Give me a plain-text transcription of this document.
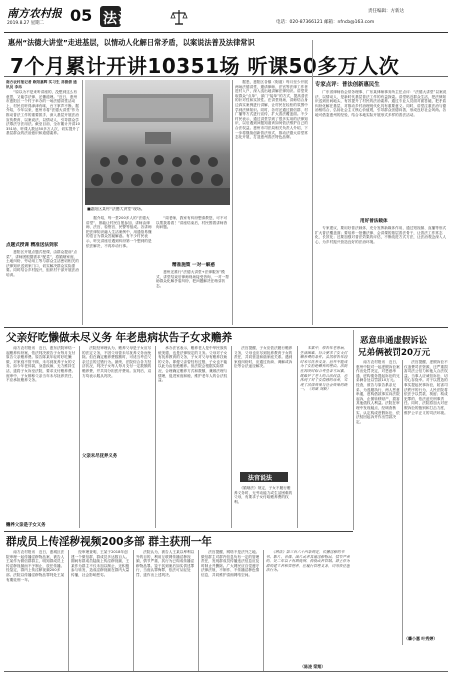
南方农村报
2019.8.27 星期二 05 法治周刊	责任编辑：方新达
电话：020-87366121 邮箱：nfncb@163.com
惠州“法德大讲堂”走进基层，以情动人化解日常矛盾，以案说法普及法律常识
7个月累计开讲10351场 听课50多万人次
南方农村报记者 欧阳嘉辉 实习生 邓倩倩 通讯员 李冉
　　“原以为不是来听讲座的，没想到这么有意思，又能学法律、还懂道理。”近日，惠州市惠阳区一个村子举办的一场法德讲堂活动上，村民们听得津津有味，台下掌声不断。据介绍，今年以来，惠州市将“法德大讲堂”作为推动普法工作的重要抓手，深入基层开展法治宣传教育，以案说法，以情动人，引导群众学法尊法守法用法。截至目前，全市累计开讲10351场，听课人数达50多万人次，切实提升了基层群众的法治意识和道德素养。
点题式授课 精准送法到家
　　惠阳区开展点题式授课，由群众提前“点菜”，讲师团根据需求“配菜”，将婚姻家庭、土地纠纷、劳动用工等与群众生活密切相关的法律知识送到家门口，切实解决群众实际需要。同时结合乡村振兴，组织村干部开展法治培训。
■惠阳区某村“法德大讲堂”现场。
　　据介绍，每一堂200多人的“法德大讲堂”，都能让村民自愿参加，讲师由律师、法官、检察官、民警等组成。各讲师把法律知识融入生活案例中，用通俗易懂的语言为群众答疑解惑。有不少村民表示，听完讲座后遇到纠纷第一个想到的是依法解决，不再冲动行事。
　　“周老师，我家有纠纷想请教您，可不可以帮我看看！”讲座结束后，村民围着讲师咨询问题。
精准施策 一对一解惑
　　惠州还推行“法德大讲堂+法律服务”模式，讲堂结束后律师现场接受咨询，一对一帮助群众化解矛盾纠纷，把问题解决在萌芽状态。
　　据悉，惠阳区各镇（街道）每月至少开展两场法德讲堂，邀请律师、法官等法律工作者进村入户，深入浅出地讲解法律知识。讲堂采取群众“点单”、部门“接单”的方式，提高普法的针对性和实效性。在讲堂现场，讲师结合身边真实案例进行讲解，让村民在轻松的氛围中学到法律知识。同时，各村还通过微信群、村广播等方式进行宣传，扩大普法覆盖面。不少村民表示，通过讲堂学到了很多实用的法律知识，以后遇到问题知道该如何依法维护自己的合法权益。惠州市司法局相关负责人介绍，下一步将继续创新普法形式，推动法德大讲堂常态化开展，打造惠州普法特色品牌。
专家点评：普法创新惠民生
　　广东省律师协会常务理事、广东某律师事务所主任点评：“法德大讲堂”以案说法、以情动人，是新时代基层普法工作的有益探索。讲堂贴近群众生活，把法律知识送到田间地头，有效提升了村民的法治素养。通过专业人员面对面答疑，把矛盾纠纷化解在基层，对推动乡村治理现代化具有重要意义。同时，讲堂注重法治与德治相结合，弘扬社会主义核心价值观，引导群众崇德向善，形成良好社会风尚。各地可借鉴惠州的经验，结合本地实际开展形式多样的普法活动。
用好普法载体
　　专家建议，要用好普法载体，充分发挥新媒体作用，通过短视频、直播等形式扩大普法覆盖面；要培养一批懂法律、会讲课的基层普法骨干，让普法工作常态化、长效化；还要加强对普法效果的评估，不断改进方式方法，让法治观念深入人心，为乡村振兴营造良好的法治环境。
父亲好吃懒做未尽义务 年老患病状告子女求赡养
　　南方农村报讯　近日，惠东法院审结一起赡养纠纷案，依法判决被告子女每月支付原告父亲赡养费。原告陈某年轻时好吃懒做，对家庭不管不顾，未尽到抚养子女的义务。如今年老体弱，身患疾病，无力维持生活，遂将子女诉至法院，要求支付赡养费。庭审中，子女辩称父亲当年未尽抚养责任，不应承担赡养义务。
赡养父亲是子女义务
　　法院经审理认为，赡养父母是子女应尽的法定义务，不因父母曾未尽抚养义务而免除。但在确定赡养费数额时，可适当考虑父亲过去的过错行为。最终，法院综合各方经济状况，判决子女每人每月支付一定数额的赡养费，并共同分担医疗费用。宣判后，双方均表示服从判决。
父亲未尽抚养义务
　　承办法官表示，赡养老人是中华民族传统美德，也是法律规定的义务。父母对子女有抚养教育的义务，子女对父母有赡养扶助的义务。即便父亲曾经有过错，子女也不能以此为由拒绝赡养。但法院会根据实际情况，合理确定赡养方式和数额，兼顾法理与情理，促进家庭和睦，维护老年人的合法权益。
　　法官提醒，子女应依法履行赡养义务，父母也应尽到抚养教育子女的责任，共同营造和谐家庭关系。遇到家庭纠纷时，应通过协商、调解或诉讼等合法途径解决。
法官说法
　　《婚姻法》规定，子女不履行赡养义务时，无劳动能力或生活困难的父母，有要求子女付给赡养费的权利。
　　本案中，原告年老患病，生活困难，符合要求子女支付赡养费的条件。虽然原告年轻时未尽抚养义务，但并不能成为子女拒绝赡养的理由。法院在判决时综合考量各方因素，既维护了老人的合法权益，也体现了对子女情感的尊重，实现了法律效果与社会效果的统一。（刘斌 刘毅）
恶意串通虚假诉讼
兄弟俩被罚20万元
　　南方农村报讯　近日，惠州中院对一起虚假诉讼案作出处罚决定，对恶意串通、虚构债务提起诉讼的兄弟俩各处以罚款10万元。经查，被告与原告系亲兄弟，为逃避执行，两人恶意串通，虚构借款事实向法院起诉，企图转移财产，损害其他债权人利益。法院在审理中发现疑点，经调查核实，认定构成虚假诉讼，依法驳回起诉并作出罚款决定。
　　法官提醒，虚假诉讼不仅浪费司法资源，还严重损害司法公信力和他人合法权益。当事人应诚信诉讼，切勿心存侥幸。对于以捏造的事实提起民事诉讼，妨害司法秩序的行为，人民法院将依法予以罚款、拘留；构成犯罪的，依法追究刑事责任。同时，法院将加大对虚假诉讼的甄别和打击力度，维护公平正义的司法环境。
（肇小惠 叶秀婷）
群成员上传淫秽视频200多部 群主获刑一年
　　南方农村报讯　近日，惠城区法院审理一起传播淫秽物品案，被告人王某作为微信群群主，明知群成员上传淫秽视频而不予制止，放任传播。经鉴定，群内上传淫秽视频200多部。法院以传播淫秽物品罪判处王某有期徒刑一年。
　　经审理查明，王某于2018年创建一个微信群，群成员多达数百人。期间有群成员陆续上传淫秽视频，王某作为群主不仅未加以制止，还积极参与转发，造成淫秽视频在群内大量传播，社会影响恶劣。
　　法院认为，被告人王某以牟利以外的目的，利用互联网传播淫秽视频，情节严重，其行为已构成传播淫秽物品罪。鉴于其到案后如实供述罪行，当庭认罪悔罪，依法可从轻处罚，遂作出上述判决。
　　法官提醒，网络不是法外之地。微信群主对群内信息负有一定的管理责任，发现群成员传播违法信息应及时制止并删除。广大网民应自觉遵守法律法规，不制作、不传播淫秽色情信息，共同维护清朗网络空间。
　　《刑法》第三百六十四条规定，传播淫秽的书刊、影片、音像、图片或者其他淫秽物品，情节严重的，处二年以下有期徒刑、拘役或者管制。群主作为群的建立者和管理者，应履行管理义务，切勿放任违法行为。
（陈凌 梁翔）
